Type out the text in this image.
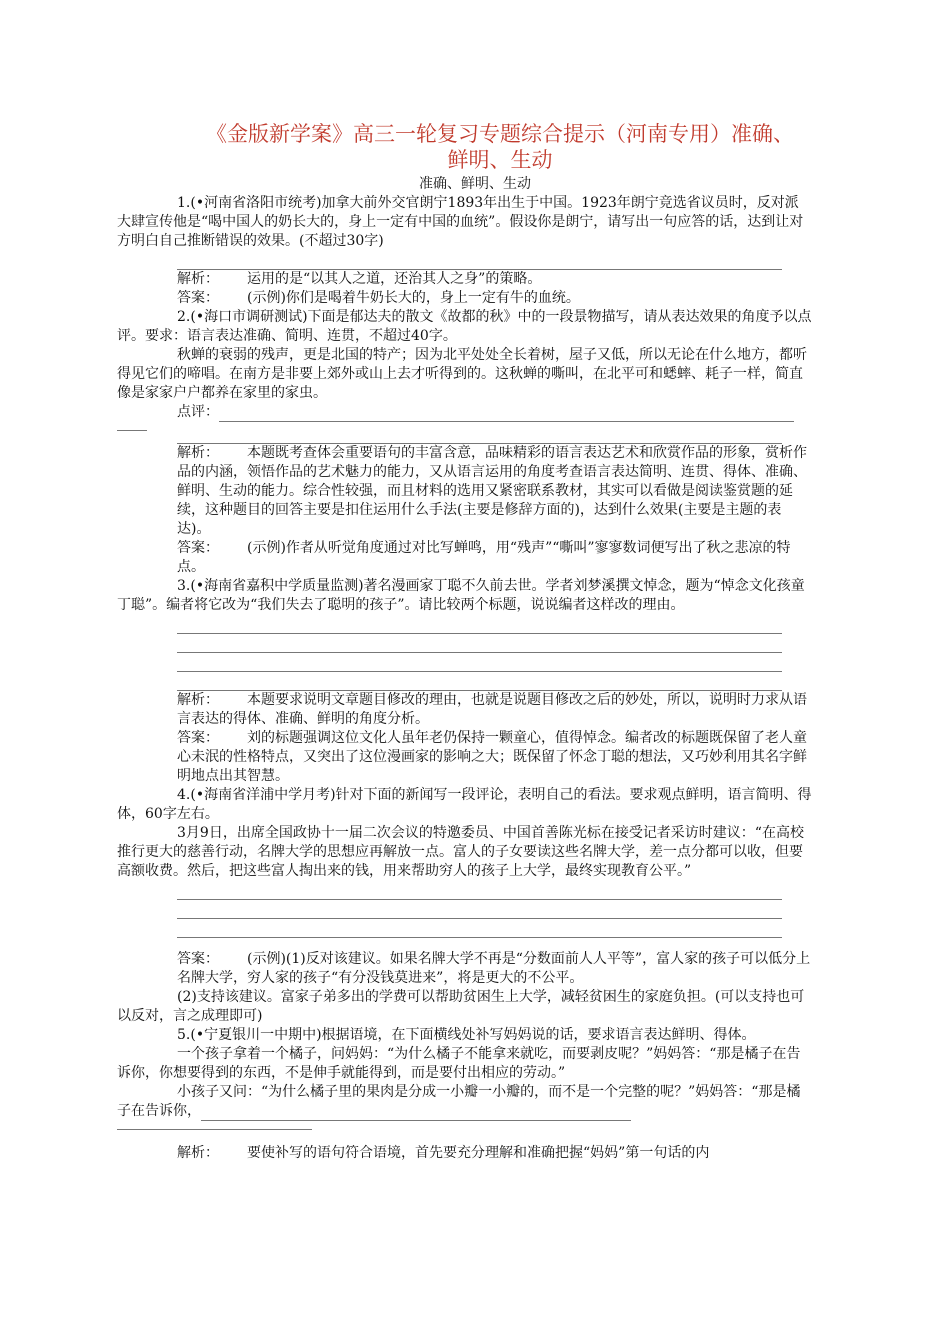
《金版新学案》高三一轮复习专题综合提示（河南专用）准确、
鲜明、生动
准确、鲜明、生动

1.(•河南省洛阳市统考)加拿大前外交官朗宁1893年出生于中国。1923年朗宁竞选省议员时，反对派大肆宣传他是“喝中国人的奶长大的，身上一定有中国的血统”。假设你是朗宁，请写出一句应答的话，达到让对方明白自己推断错误的效果。(不超过30字)

解析： 运用的是“以其人之道，还治其人之身”的策略。

答案： (示例)你们是喝着牛奶长大的，身上一定有牛的血统。

2.(•海口市调研测试)下面是郁达夫的散文《故都的秋》中的一段景物描写，请从表达效果的角度予以点评。要求：语言表达准确、简明、连贯，不超过40字。

秋蝉的衰弱的残声，更是北国的特产；因为北平处处全长着树，屋子又低，所以无论在什么地方，都听得见它们的啼唱。在南方是非要上郊外或山上去才听得到的。这秋蝉的嘶叫，在北平可和蟋蟀、耗子一样，简直像是家家户户都养在家里的家虫。

点评：

解析： 本题既考查体会重要语句的丰富含意，品味精彩的语言表达艺术和欣赏作品的形象，赏析作品的内涵，领悟作品的艺术魅力的能力，又从语言运用的角度考查语言表达简明、连贯、得体、准确、鲜明、生动的能力。综合性较强，而且材料的选用又紧密联系教材，其实可以看做是阅读鉴赏题的延续，这种题目的回答主要是扣住运用什么手法(主要是修辞方面的)，达到什么效果(主要是主题的表达)。

答案： (示例)作者从听觉角度通过对比写蝉鸣，用“残声”“嘶叫”寥寥数词便写出了秋之悲凉的特点。

3.(•海南省嘉积中学质量监测)著名漫画家丁聪不久前去世。学者刘梦溪撰文悼念，题为“悼念文化孩童丁聪”。编者将它改为“我们失去了聪明的孩子”。请比较两个标题，说说编者这样改的理由。

解析： 本题要求说明文章题目修改的理由，也就是说题目修改之后的妙处，所以，说明时力求从语言表达的得体、准确、鲜明的角度分析。

答案： 刘的标题强调这位文化人虽年老仍保持一颗童心，值得悼念。编者改的标题既保留了老人童心未泯的性格特点，又突出了这位漫画家的影响之大；既保留了怀念丁聪的想法，又巧妙利用其名字鲜明地点出其智慧。

4.(•海南省洋浦中学月考)针对下面的新闻写一段评论，表明自己的看法。要求观点鲜明，语言简明、得体，60字左右。

3月9日，出席全国政协十一届二次会议的特邀委员、中国首善陈光标在接受记者采访时建议：“在高校推行更大的慈善行动，名牌大学的思想应再解放一点。富人的子女要读这些名牌大学，差一点分都可以收，但要高额收费。然后，把这些富人掏出来的钱，用来帮助穷人的孩子上大学，最终实现教育公平。”

答案： (示例)(1)反对该建议。如果名牌大学不再是“分数面前人人平等”，富人家的孩子可以低分上名牌大学，穷人家的孩子“有分没钱莫进来”，将是更大的不公平。

(2)支持该建议。富家子弟多出的学费可以帮助贫困生上大学，减轻贫困生的家庭负担。(可以支持也可以反对，言之成理即可)

5.(•宁夏银川一中期中)根据语境，在下面横线处补写妈妈说的话，要求语言表达鲜明、得体。

一个孩子拿着一个橘子，问妈妈：“为什么橘子不能拿来就吃，而要剥皮呢？”妈妈答：“那是橘子在告诉你，你想要得到的东西，不是伸手就能得到，而是要付出相应的劳动。”

小孩子又问：“为什么橘子里的果肉是分成一小瓣一小瓣的，而不是一个完整的呢？”妈妈答：“那是橘子在告诉你，

解析： 要使补写的语句符合语境，首先要充分理解和准确把握“妈妈”第一句话的内
